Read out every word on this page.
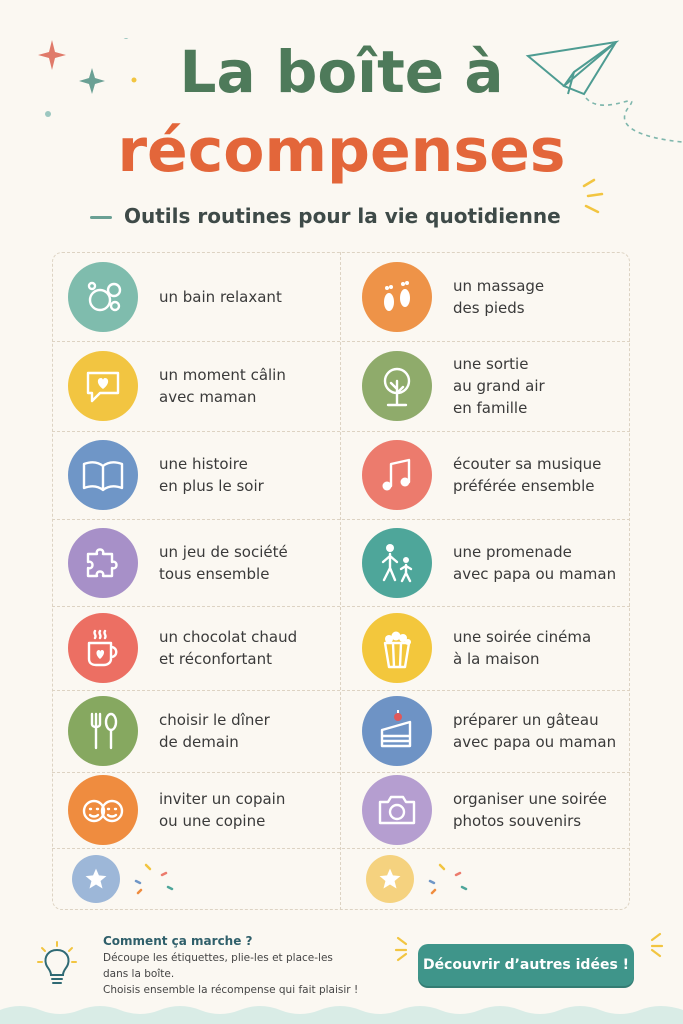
La boîte à
récompenses
Outils routines pour la vie quotidienne
un bain relaxant
un massage
des pieds
un moment câlin
avec maman
une sortie
au grand air
en famille
une histoire
en plus le soir
écouter sa musique
préférée ensemble
un jeu de société
tous ensemble
une promenade
avec papa ou maman
un chocolat chaud
et réconfortant
une soirée cinéma
à la maison
choisir le dîner
de demain
préparer un gâteau
avec papa ou maman
inviter un copain
ou une copine
organiser une soirée
photos souvenirs
Comment ça marche ?
Découpe les étiquettes, plie-les et place-les
dans la boîte.
Choisis ensemble la récompense qui fait plaisir !
Découvrir d’autres idées !
